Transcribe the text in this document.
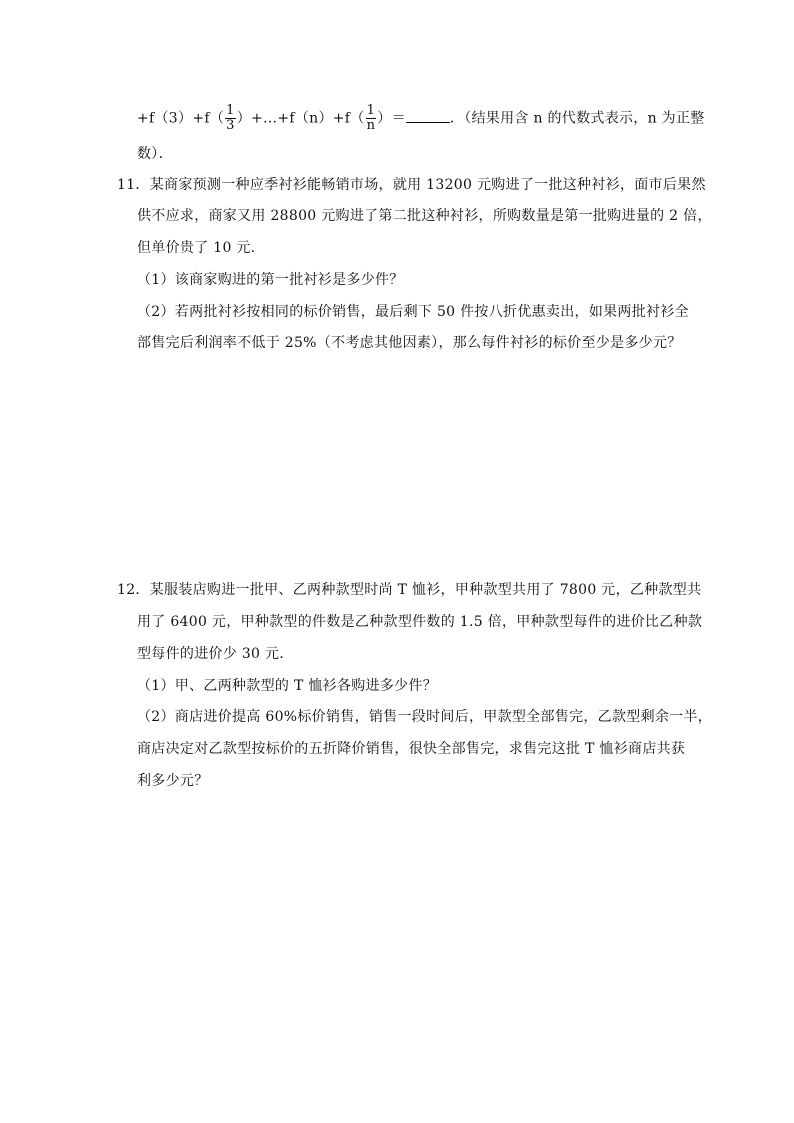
$+f(3)+f( \frac{1}{3}$ ）+…+f（n）+f（ $\frac{1}{n}$ ）＝	．（结果用含 n 的代数式表示，n 为正整
数）．
11．某商家预测一种应季衬衫能畅销市场，就用 13200 元购进了一批这种衬衫，面市后果然
供不应求，商家又用 28800 元购进了第二批这种衬衫，所购数量是第一批购进量的 2 倍，
但单价贵了 10 元．
（1）该商家购进的第一批衬衫是多少件？
（2）若两批衬衫按相同的标价销售，最后剩下 50 件按八折优惠卖出，如果两批衬衫全
部售完后利润率不低于 25%（不考虑其他因素），那么每件衬衫的标价至少是多少元？
12．某服装店购进一批甲、乙两种款型时尚 T 恤衫，甲种款型共用了 7800 元，乙种款型共
用了 6400 元，甲种款型的件数是乙种款型件数的 1.5 倍，甲种款型每件的进价比乙种款
型每件的进价少 30 元．
（1）甲、乙两种款型的 T 恤衫各购进多少件？
（2）商店进价提高 60%标价销售，销售一段时间后，甲款型全部售完，乙款型剩余一半，
商店决定对乙款型按标价的五折降价销售，很快全部售完，求售完这批 T 恤衫商店共获
利多少元？
